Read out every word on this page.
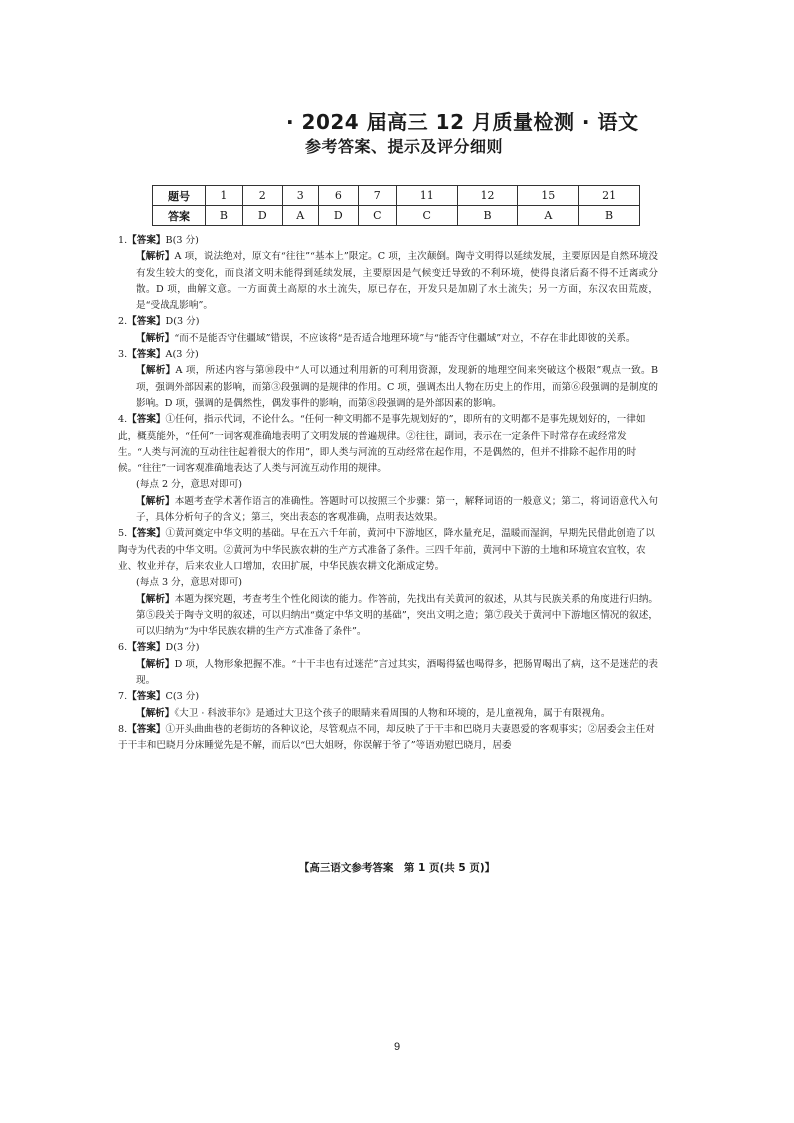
· 2024 届高三 12 月质量检测 · 语文
参考答案、提示及评分细则
题号	1	2	3	6	7	11	12	15	21
答案	B	D	A	D	C	C	B	A	B

1.【答案】B(3 分)

【解析】A 项，说法绝对，原文有“往往”“基本上”限定。C 项，主次颠倒。陶寺文明得以延续发展，主要原因是自然环境没有发生较大的变化，而良渚文明未能得到延续发展，主要原因是气候变迁导致的不利环境，使得良渚后裔不得不迁离或分散。D 项，曲解文意。一方面黄土高原的水土流失，原已存在，开发只是加剧了水土流失；另一方面，东汉农田荒废，是“受战乱影响”。

2.【答案】D(3 分)

【解析】“而不是能否守住疆域”错误，不应该将“是否适合地理环境”与“能否守住疆域”对立，不存在非此即彼的关系。

3.【答案】A(3 分)

【解析】A 项，所述内容与第⑩段中“人可以通过利用新的可利用资源，发现新的地理空间来突破这个极限”观点一致。B 项，强调外部因素的影响，而第③段强调的是规律的作用。C 项，强调杰出人物在历史上的作用，而第⑥段强调的是制度的影响。D 项，强调的是偶然性，偶发事件的影响，而第⑧段强调的是外部因素的影响。

4.【答案】①任何，指示代词，不论什么。“任何一种文明都不是事先规划好的”，即所有的文明都不是事先规划好的，一律如此，概莫能外，“任何”一词客观准确地表明了文明发展的普遍规律。②往往，副词，表示在一定条件下时常存在或经常发生。“人类与河流的互动往往起着很大的作用”，即人类与河流的互动经常在起作用，不是偶然的，但并不排除不起作用的时候。“往往”一词客观准确地表达了人类与河流互动作用的规律。

(每点 2 分，意思对即可)

【解析】本题考查学术著作语言的准确性。答题时可以按照三个步骤：第一，解释词语的一般意义；第二，将词语意代入句子，具体分析句子的含义；第三，突出表态的客观准确，点明表达效果。

5.【答案】①黄河奠定中华文明的基础。早在五六千年前，黄河中下游地区，降水量充足，温暖而湿润，早期先民借此创造了以陶寺为代表的中华文明。②黄河为中华民族农耕的生产方式准备了条件。三四千年前，黄河中下游的土地和环境宜农宜牧，农业、牧业并存，后来农业人口增加，农田扩展，中华民族农耕文化渐成定势。

(每点 3 分，意思对即可)

【解析】本题为探究题，考查考生个性化阅读的能力。作答前，先找出有关黄河的叙述，从其与民族关系的角度进行归纳。第⑤段关于陶寺文明的叙述，可以归纳出“奠定中华文明的基础”，突出文明之造；第⑦段关于黄河中下游地区情况的叙述，可以归纳为“为中华民族农耕的生产方式准备了条件”。

6.【答案】D(3 分)

【解析】D 项，人物形象把握不准。“十干丰也有过迷茫”言过其实，酒喝得猛也喝得多，把肠胃喝出了病，这不是迷茫的表现。

7.【答案】C(3 分)

【解析】《大卫 · 科波菲尔》是通过大卫这个孩子的眼睛来看周围的人物和环境的，是儿童视角，属于有限视角。

8.【答案】①开头曲曲巷的老街坊的各种议论，尽管观点不同，却反映了于干丰和巴晓月夫妻恩爱的客观事实；②居委会主任对于干丰和巴晓月分床睡觉先是不解，而后以“巴大姐呀，你误解于爷了”等语劝慰巴晓月，居委

【高三语文参考答案　第 1 页(共 5 页)】
9
